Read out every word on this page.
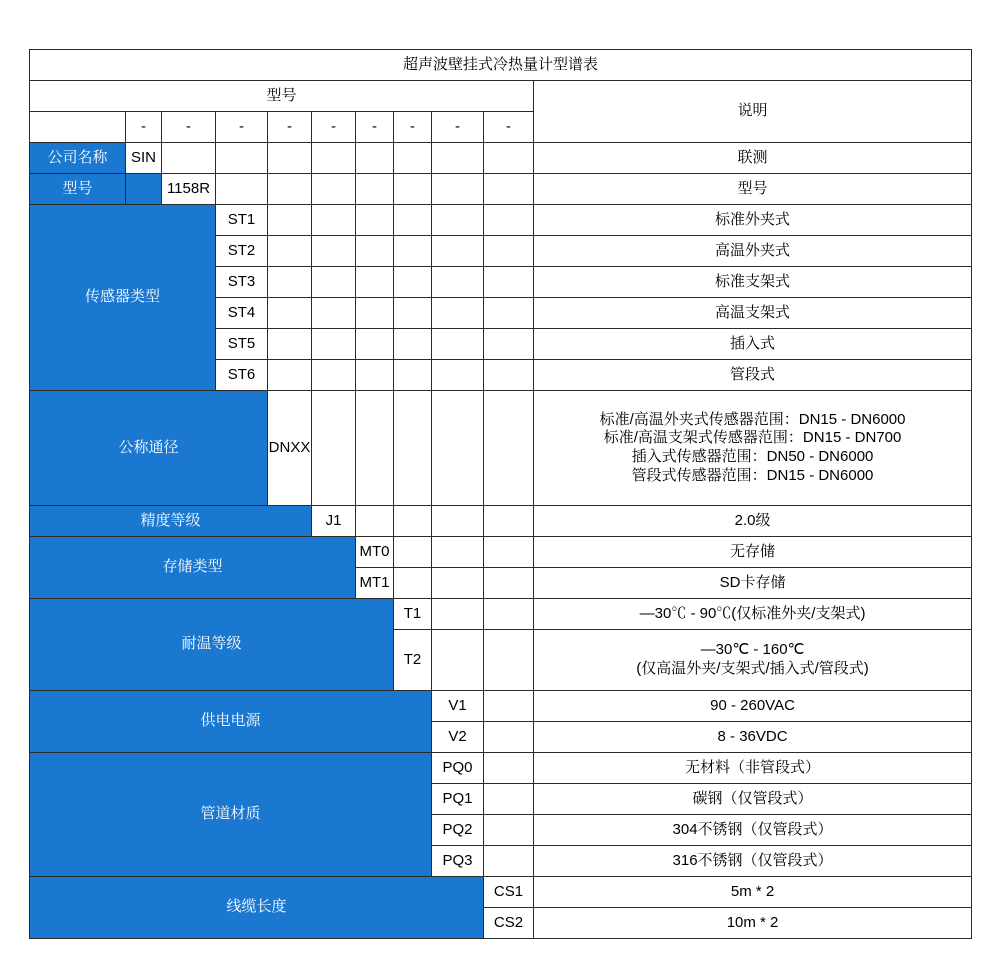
超声波壁挂式冷热量计型谱表										
型号										说明
	-	-	-	-	-	-	-	-	-	
公司名称	SIN									联测
型号		1158R								型号
传感器类型			ST1							标准外夹式
			ST2							高温外夹式
			ST3							标准支架式
			ST4							高温支架式
			ST5							插入式
			ST6							管段式
公称通径				DNXX						标准/高温外夹式传感器范围：DN15 - DN6000
标准/高温支架式传感器范围：DN15 - DN700
插入式传感器范围：DN50 - DN6000
管段式传感器范围：DN15 - DN6000

精度等级					J1					2.0级
存储类型						MT0				无存储
						MT1				SD卡存储
耐温等级							T1			—30℃ - 90℃(仅标准外夹/支架式)
							T2			—30℃ - 160℃
(仅高温外夹/支架式/插入式/管段式)

供电电源								V1		90 - 260VAC
								V2		8 - 36VDC
管道材质								PQ0		无材料（非管段式）
								PQ1		碳钢（仅管段式）
								PQ2		304不锈钢（仅管段式）
								PQ3		316不锈钢（仅管段式）
线缆长度									CS1	5m * 2
									CS2	10m * 2
